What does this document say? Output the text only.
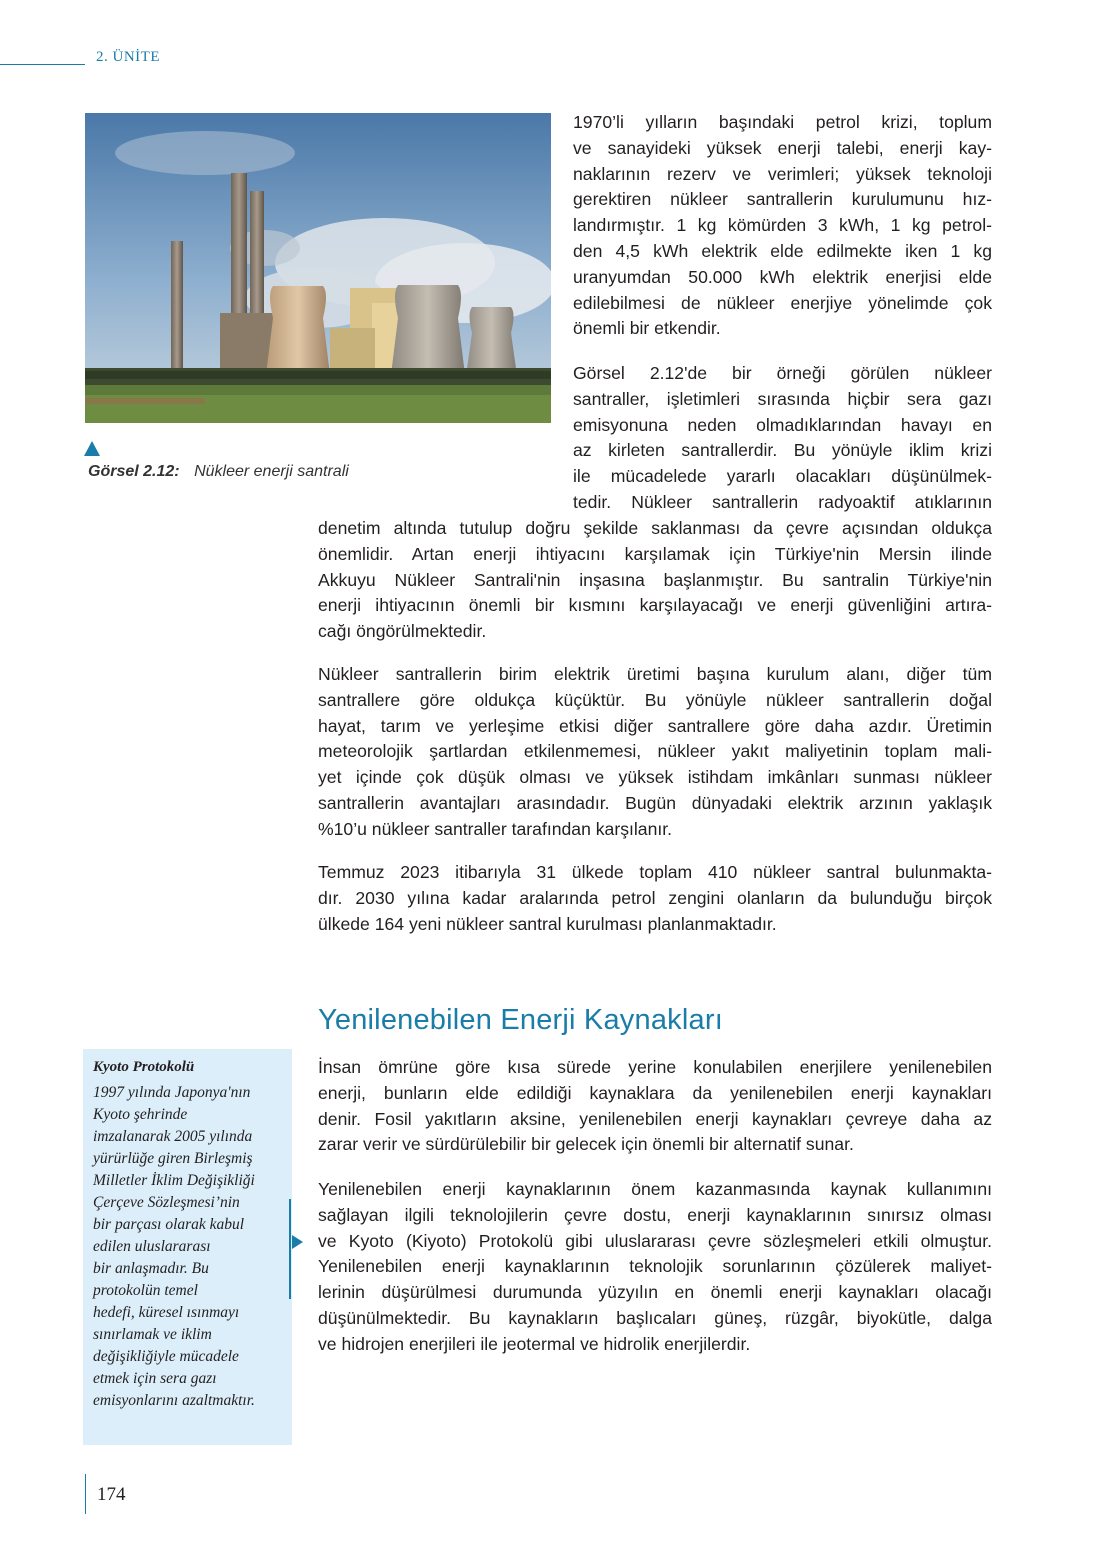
2. ÜNİTE
Görsel 2.12: Nükleer enerji santrali
1970’li yılların başındaki petrol krizi, toplum
ve sanayideki yüksek enerji talebi, enerji kay-
naklarının rezerv ve verimleri; yüksek teknoloji
gerektiren nükleer santrallerin kurulumunu hız-
landırmıştır. 1 kg kömürden 3 kWh, 1 kg petrol-
den 4,5 kWh elektrik elde edilmekte iken 1 kg
uranyumdan 50.000 kWh elektrik enerjisi elde
edilebilmesi de nükleer enerjiye yönelimde çok
önemli bir etkendir.
Görsel 2.12'de bir örneği görülen nükleer
santraller, işletimleri sırasında hiçbir sera gazı
emisyonuna neden olmadıklarından havayı en
az kirleten santrallerdir. Bu yönüyle iklim krizi
ile mücadelede yararlı olacakları düşünülmek-
tedir. Nükleer santrallerin radyoaktif atıklarının
denetim altında tutulup doğru şekilde saklanması da çevre açısından oldukça
önemlidir. Artan enerji ihtiyacını karşılamak için Türkiye'nin Mersin ilinde
Akkuyu Nükleer Santrali'nin inşasına başlanmıştır. Bu santralin Türkiye'nin
enerji ihtiyacının önemli bir kısmını karşılayacağı ve enerji güvenliğini artıra-
cağı öngörülmektedir.
Nükleer santrallerin birim elektrik üretimi başına kurulum alanı, diğer tüm
santrallere göre oldukça küçüktür. Bu yönüyle nükleer santrallerin doğal
hayat, tarım ve yerleşime etkisi diğer santrallere göre daha azdır. Üretimin
meteorolojik şartlardan etkilenmemesi, nükleer yakıt maliyetinin toplam mali-
yet içinde çok düşük olması ve yüksek istihdam imkânları sunması nükleer
santrallerin avantajları arasındadır. Bugün dünyadaki elektrik arzının yaklaşık
%10’u nükleer santraller tarafından karşılanır.
Temmuz 2023 itibarıyla 31 ülkede toplam 410 nükleer santral bulunmakta-
dır. 2030 yılına kadar aralarında petrol zengini olanların da bulunduğu birçok
ülkede 164 yeni nükleer santral kurulması planlanmaktadır.
Yenilenebilen Enerji Kaynakları
İnsan ömrüne göre kısa sürede yerine konulabilen enerjilere yenilenebilen
enerji, bunların elde edildiği kaynaklara da yenilenebilen enerji kaynakları
denir. Fosil yakıtların aksine, yenilenebilen enerji kaynakları çevreye daha az
zarar verir ve sürdürülebilir bir gelecek için önemli bir alternatif sunar.
Yenilenebilen enerji kaynaklarının önem kazanmasında kaynak kullanımını
sağlayan ilgili teknolojilerin çevre dostu, enerji kaynaklarının sınırsız olması
ve Kyoto (Kiyoto) Protokolü gibi uluslararası çevre sözleşmeleri etkili olmuştur.
Yenilenebilen enerji kaynaklarının teknolojik sorunlarının çözülerek maliyet-
lerinin düşürülmesi durumunda yüzyılın en önemli enerji kaynakları olacağı
düşünülmektedir. Bu kaynakların başlıcaları güneş, rüzgâr, biyokütle, dalga
ve hidrojen enerjileri ile jeotermal ve hidrolik enerjilerdir.
Kyoto Protokolü
1997 yılında Japonya'nın
Kyoto şehrinde
imzalanarak 2005 yılında
yürürlüğe giren Birleşmiş
Milletler İklim Değişikliği
Çerçeve Sözleşmesi’nin
bir parçası olarak kabul
edilen uluslararası
bir anlaşmadır. Bu
protokolün temel
hedefi, küresel ısınmayı
sınırlamak ve iklim
değişikliğiyle mücadele
etmek için sera gazı
emisyonlarını azaltmaktır.
174
